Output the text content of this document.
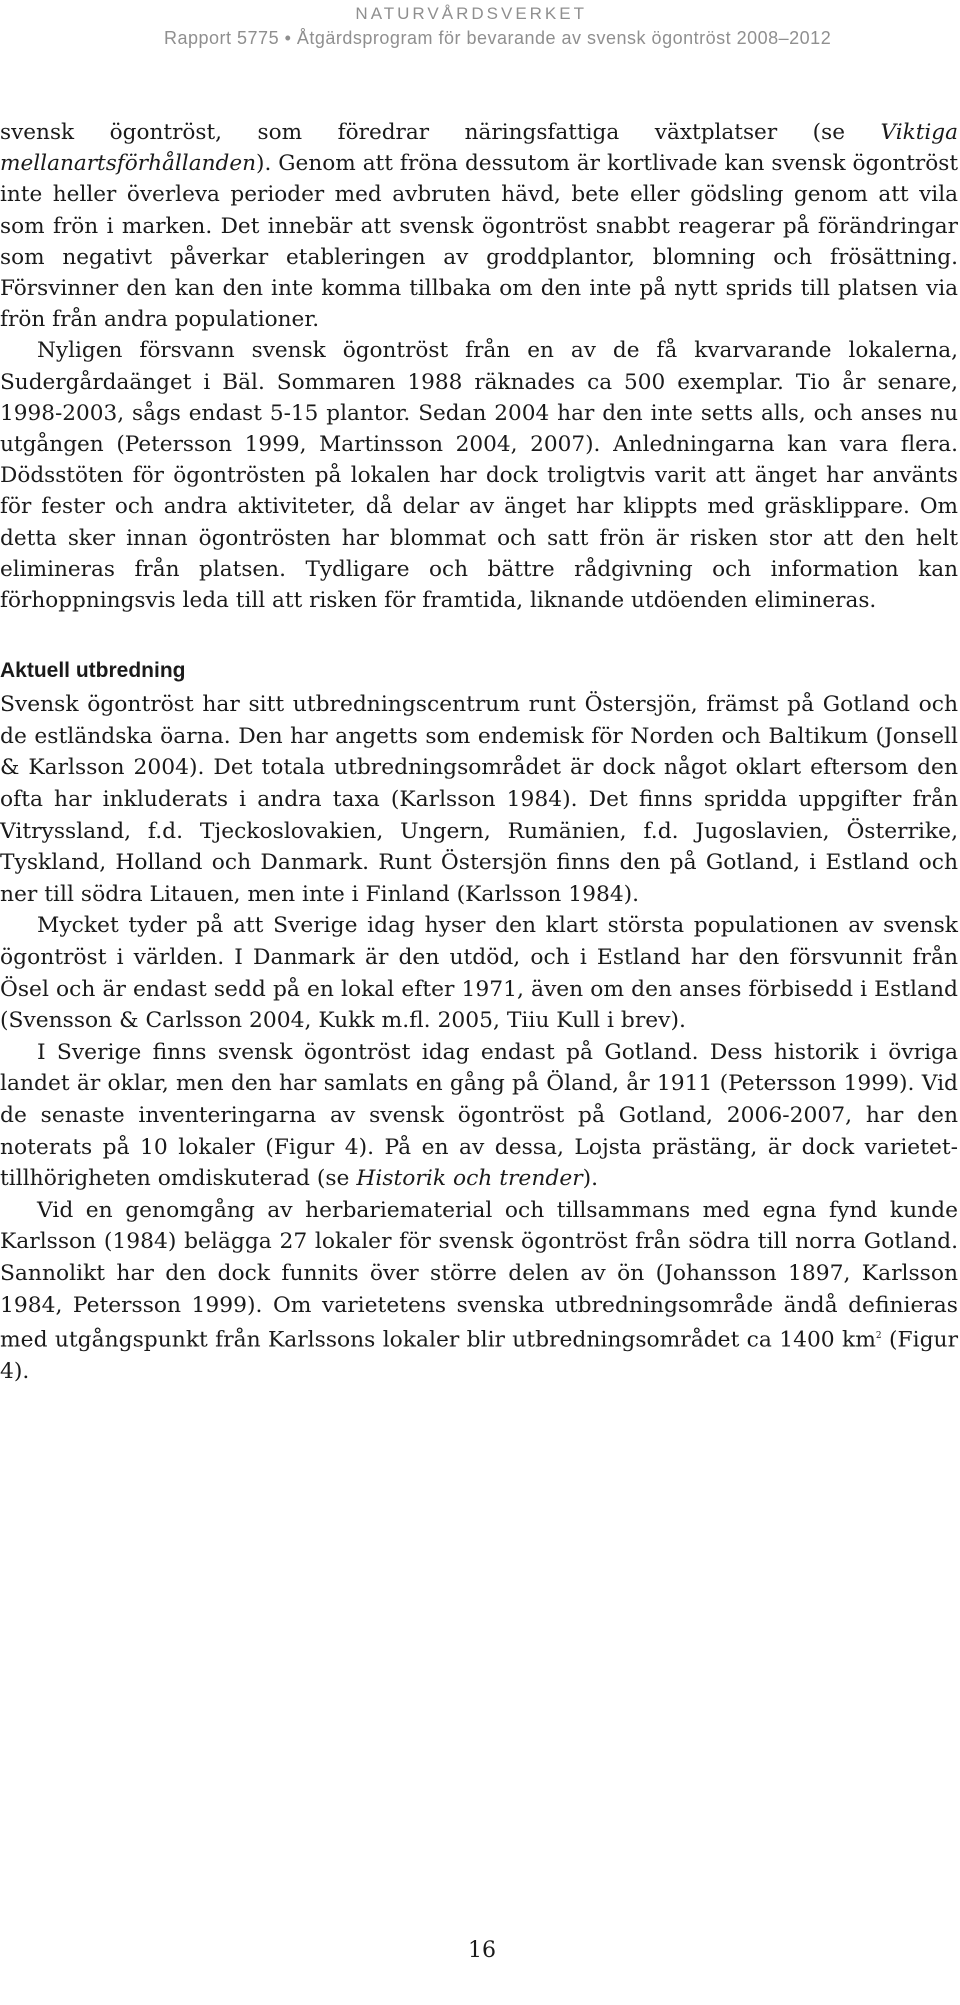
NATURVÅRDSVERKET
Rapport 5775 • Åtgärdsprogram för bevarande av svensk ögontröst 2008–2012

svensk ögontröst, som föredrar näringsfattiga växtplatser (se Viktiga mellanartsförhållanden). Genom att fröna dessutom är kortlivade kan svensk ögontröst inte heller överleva perioder med avbruten hävd, bete eller gödsling genom att vila som frön i marken. Det innebär att svensk ögontröst snabbt reagerar på förändringar som negativt påverkar etableringen av groddplantor, blomning och frösättning. Försvinner den kan den inte komma tillbaka om den inte på nytt sprids till platsen via frön från andra populationer.

Nyligen försvann svensk ögontröst från en av de få kvarvarande lokalerna, Sudergårdaänget i Bäl. Sommaren 1988 räknades ca 500 exemplar. Tio år senare, 1998-2003, sågs endast 5-15 plantor. Sedan 2004 har den inte setts alls, och anses nu utgången (Petersson 1999, Martinsson 2004, 2007). Anledningarna kan vara flera. Dödsstöten för ögontrösten på lokalen har dock troligtvis varit att änget har använts för fester och andra aktiviteter, då delar av änget har klippts med gräsklippare. Om detta sker innan ögontrösten har blommat och satt frön är risken stor att den helt elimineras från platsen. Tydligare och bättre rådgivning och information kan förhoppningsvis leda till att risken för framtida, liknande utdöenden elimineras.

Aktuell utbredning

Svensk ögontröst har sitt utbredningscentrum runt Östersjön, främst på Gotland och de estländska öarna. Den har angetts som endemisk för Norden och Baltikum (Jonsell & Karlsson 2004). Det totala utbredningsområdet är dock något oklart eftersom den ofta har inkluderats i andra taxa (Karlsson 1984). Det finns spridda uppgifter från Vitryssland, f.d. Tjeckoslovakien, Ungern, Rumänien, f.d. Jugoslavien, Österrike, Tyskland, Holland och Danmark. Runt Östersjön finns den på Gotland, i Estland och ner till södra Litauen, men inte i Finland (Karlsson 1984).

Mycket tyder på att Sverige idag hyser den klart största populationen av svensk ögontröst i världen. I Danmark är den utdöd, och i Estland har den försvunnit från Ösel och är endast sedd på en lokal efter 1971, även om den anses förbisedd i Estland (Svensson & Carlsson 2004, Kukk m.fl. 2005, Tiiu Kull i brev).

I Sverige finns svensk ögontröst idag endast på Gotland. Dess historik i övriga landet är oklar, men den har samlats en gång på Öland, år 1911 (Petersson 1999). Vid de senaste inventeringarna av svensk ögontröst på Gotland, 2006-2007, har den noterats på 10 lokaler (Figur 4). På en av dessa, Lojsta prästäng, är dock varietet-tillhörigheten omdiskuterad (se Historik och trender).

Vid en genomgång av herbariematerial och tillsammans med egna fynd kunde Karlsson (1984) belägga 27 lokaler för svensk ögontröst från södra till norra Gotland. Sannolikt har den dock funnits över större delen av ön (Johansson 1897, Karlsson 1984, Petersson 1999). Om varietetens svenska utbredningsområde ändå definieras med utgångspunkt från Karlssons lokaler blir utbredningsområdet ca 1400 $km^2$ (Figur 4).

16
